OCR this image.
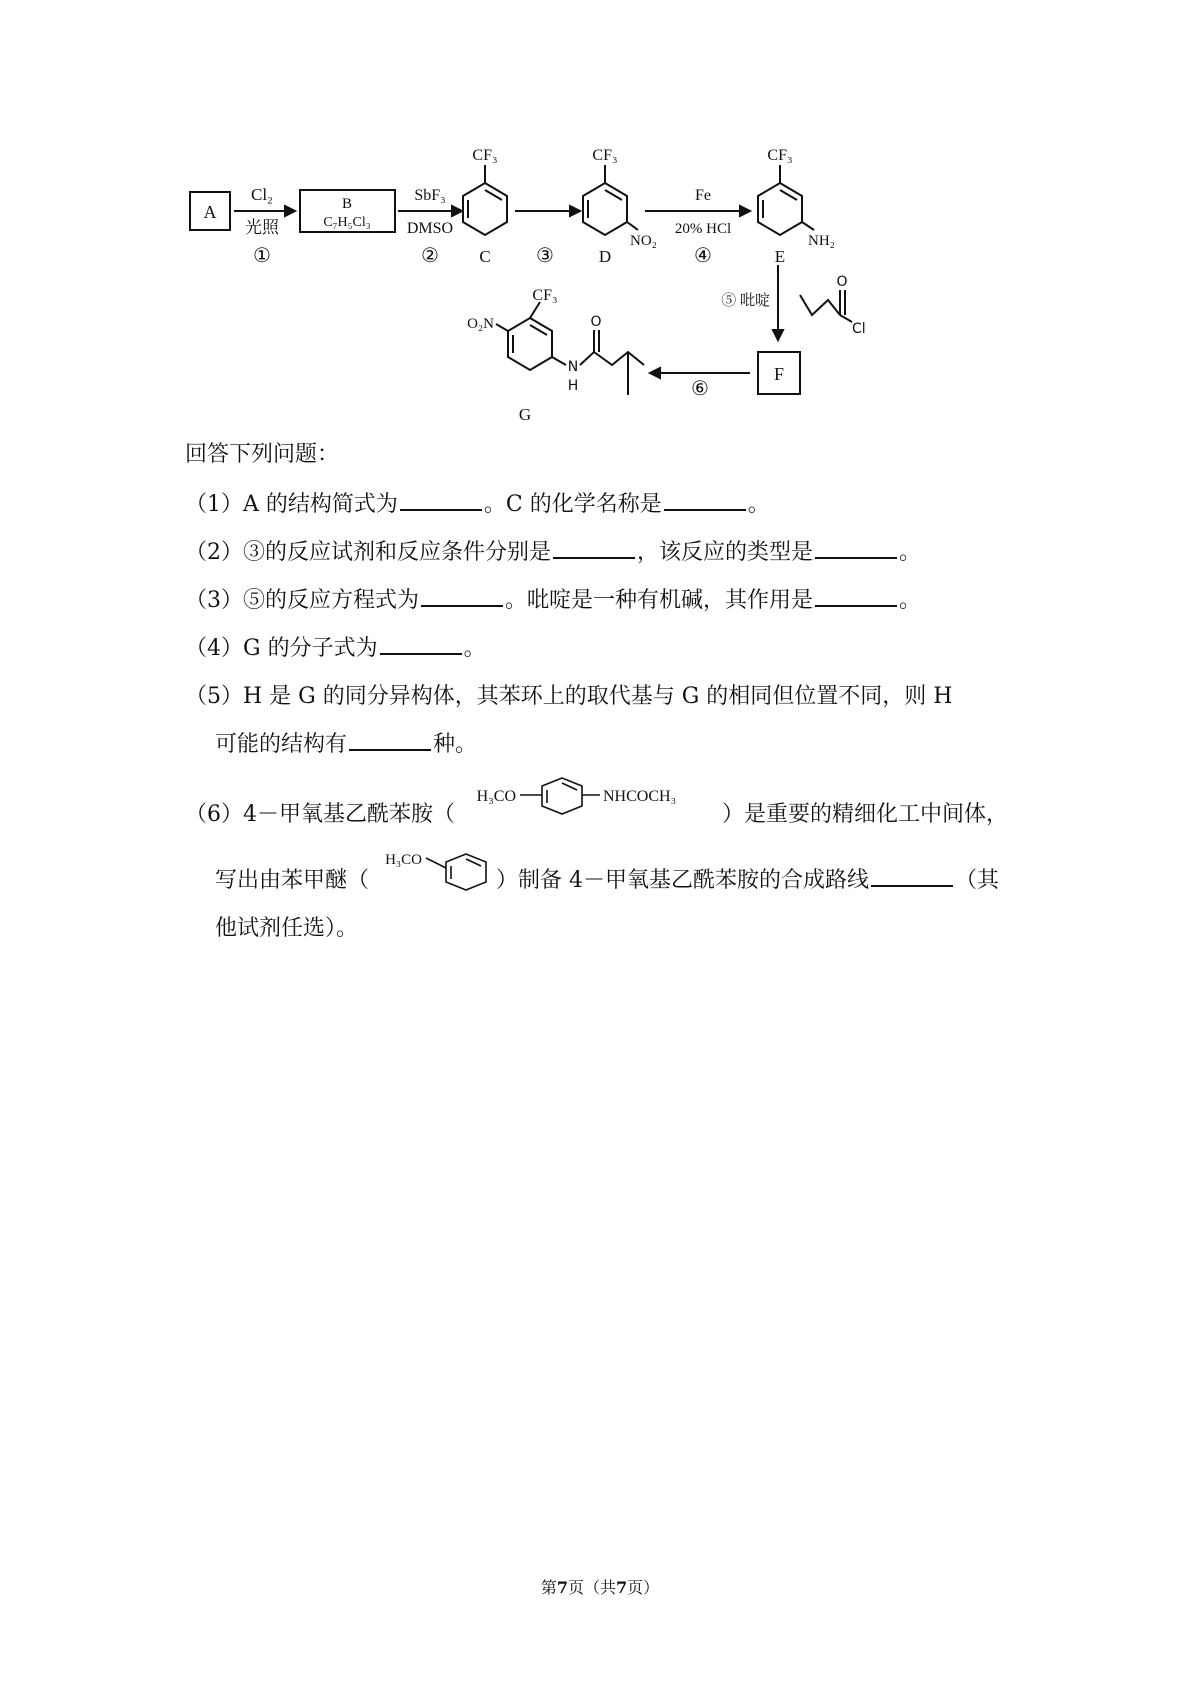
A
Cl₂
光照
①
B
C₇H₅Cl₃
SbF₃
DMSO
②
CF₃
C ③
CF₃
NO₂
D
Fe
20% HCl
④
CF₃
NH₂
E
⑤ 吡啶
O
Cl
F
⑥
CF₃
O₂N	O
N
H
G
回答下列问题：
（1）A 的结构简式为	。C 的化学名称是	。
（2）③的反应试剂和反应条件分别是	，该反应的类型是	。
（3）⑤的反应方程式为	。吡啶是一种有机碱，其作用是	。
（4）G 的分子式为	。
（5）H 是 G 的同分异构体，其苯环上的取代基与 G 的相同但位置不同，则 H
可能的结构有	种。
（6）4－甲氧基乙酰苯胺（
H₃CO	NHCOCH₃
）是重要的精细化工中间体，
写出由苯甲醚（
H₃CO
）制备 4－甲氧基乙酰苯胺的合成路线	（其
他试剂任选）。
第7页（共7页）
